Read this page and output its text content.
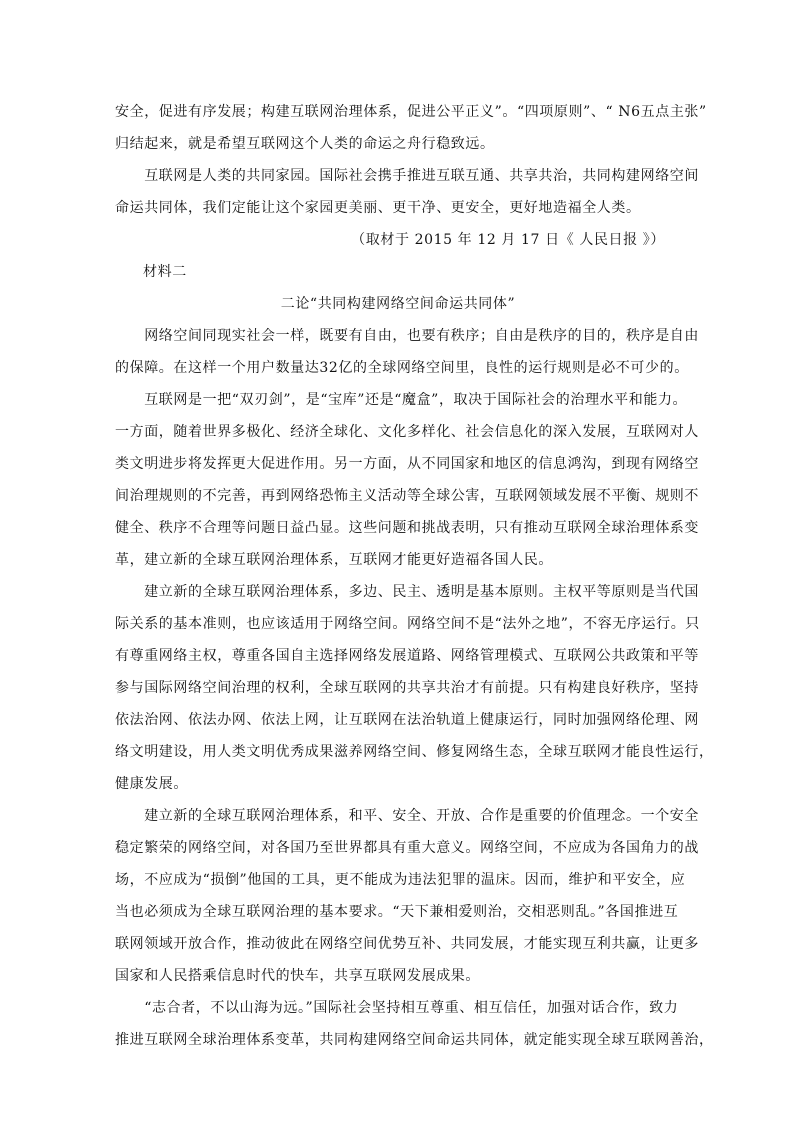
安全，促进有序发展；构建互联网治理体系，促进公平正义”。“四项原则”、“ N6五点主张”
归结起来，就是希望互联网这个人类的命运之舟行稳致远。
　　互联网是人类的共同家园。国际社会携手推进互联互通、共享共治，共同构建网络空间
命运共同体，我们定能让这个家园更美丽、更干净、更安全，更好地造福全人类。
（取材于 2015 年 12 月 17 日《 人民日报 》）
材料二
二论“共同构建网络空间命运共同体”
　　网络空间同现实社会一样，既要有自由，也要有秩序；自由是秩序的目的，秩序是自由
的保障。在这样一个用户数量达32亿的全球网络空间里，良性的运行规则是必不可少的。
　　互联网是一把“双刃剑”，是“宝库”还是“魔盒”，取决于国际社会的治理水平和能力。
一方面，随着世界多极化、经济全球化、文化多样化、社会信息化的深入发展，互联网对人
类文明进步将发挥更大促进作用。另一方面，从不同国家和地区的信息鸿沟，到现有网络空
间治理规则的不完善，再到网络恐怖主义活动等全球公害，互联网领域发展不平衡、规则不
健全、秩序不合理等问题日益凸显。这些问题和挑战表明，只有推动互联网全球治理体系变
革，建立新的全球互联网治理体系，互联网才能更好造福各国人民。
　　建立新的全球互联网治理体系，多边、民主、透明是基本原则。主权平等原则是当代国
际关系的基本准则，也应该适用于网络空间。网络空间不是“法外之地”，不容无序运行。只
有尊重网络主权，尊重各国自主选择网络发展道路、网络管理模式、互联网公共政策和平等
参与国际网络空间治理的权利，全球互联网的共享共治才有前提。只有构建良好秩序，坚持
依法治网、依法办网、依法上网，让互联网在法治轨道上健康运行，同时加强网络伦理、网
络文明建设，用人类文明优秀成果滋养网络空间、修复网络生态，全球互联网才能良性运行，
健康发展。
　　建立新的全球互联网治理体系，和平、安全、开放、合作是重要的价值理念。一个安全
稳定繁荣的网络空间，对各国乃至世界都具有重大意义。网络空间，不应成为各国角力的战
场，不应成为“损倒”他国的工具，更不能成为违法犯罪的温床。因而，维护和平安全，应
当也必须成为全球互联网治理的基本要求。“天下兼相爱则治，交相恶则乱。”各国推进互
联网领域开放合作，推动彼此在网络空间优势互补、共同发展，才能实现互利共赢，让更多
国家和人民搭乘信息时代的快车，共享互联网发展成果。
　　“志合者，不以山海为远。”国际社会坚持相互尊重、相互信任，加强对话合作，致力
推进互联网全球治理体系变革，共同构建网络空间命运共同体，就定能实现全球互联网善治，
